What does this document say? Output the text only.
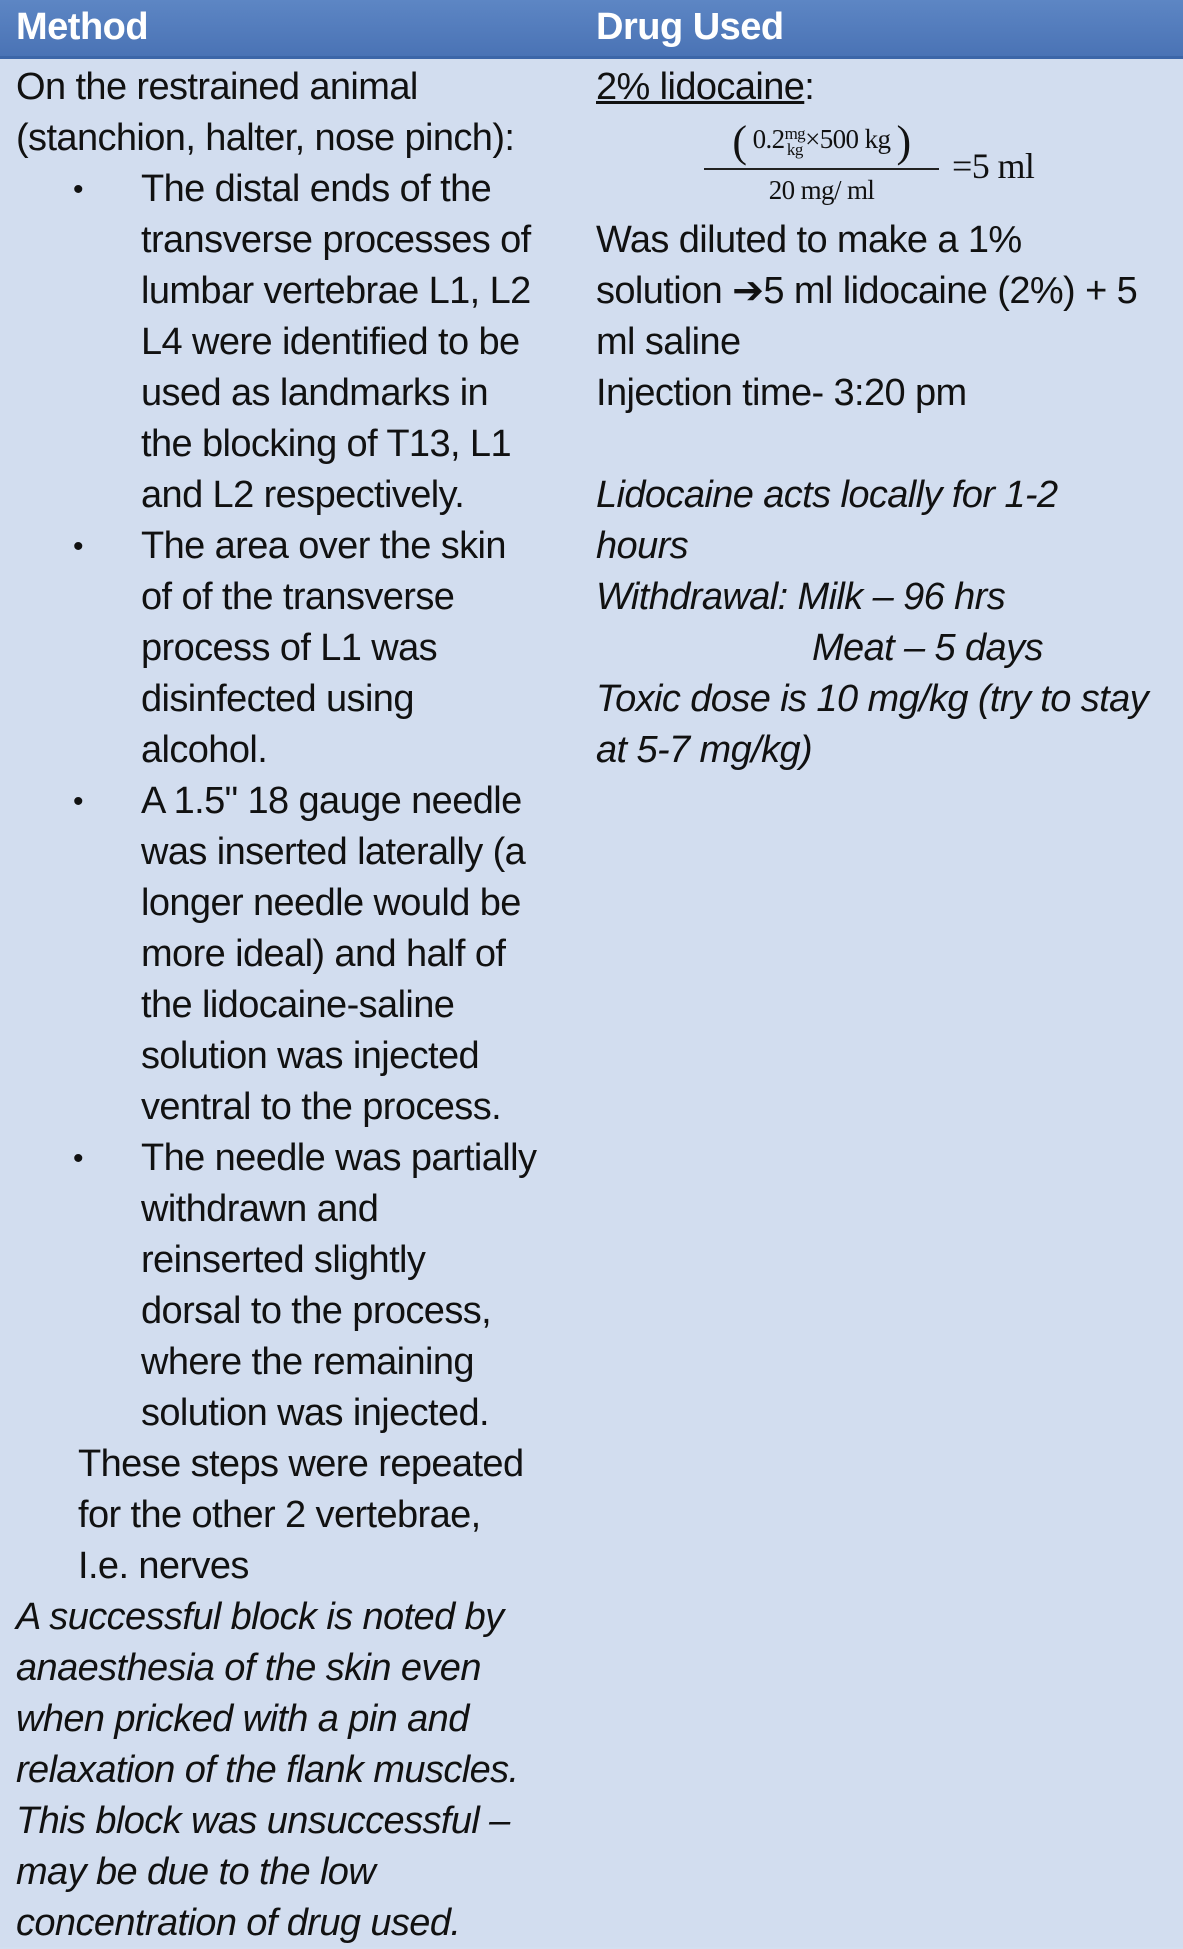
Method	Drug Used

On the restrained animal
(stanchion, halter, nose pinch):

• The distal ends of the
transverse processes of
lumbar vertebrae L1, L2
L4 were identified to be
used as landmarks in
the blocking of T13, L1
and L2 respectively.
• The area over the skin
of of the transverse
process of L1 was
disinfected using
alcohol.
• A 1.5" 18 gauge needle
was inserted laterally (a
longer needle would be
more ideal) and half of
the lidocaine-saline
solution was injected
ventral to the process.
• The needle was partially
withdrawn and
reinserted slightly
dorsal to the process,
where the remaining
solution was injected.

These steps were repeated
for the other 2 vertebrae,
I.e. nerves

A successful block is noted by
anaesthesia of the skin even
when pricked with a pin and
relaxation of the flank muscles.
This block was unsuccessful –
may be due to the low
concentration of drug used.

2% lidocaine:
( 0.2 mg
kg ×500 kg )
20 mg/ ml
=5 ml
Was diluted to make a 1%
solution ➔5 ml lidocaine (2%) + 5
ml saline
Injection time- 3:20 pm
Lidocaine acts locally for 1-2
hours
Withdrawal: Milk – 96 hrs
Meat – 5 days
Toxic dose is 10 mg/kg (try to stay
at 5-7 mg/kg)
